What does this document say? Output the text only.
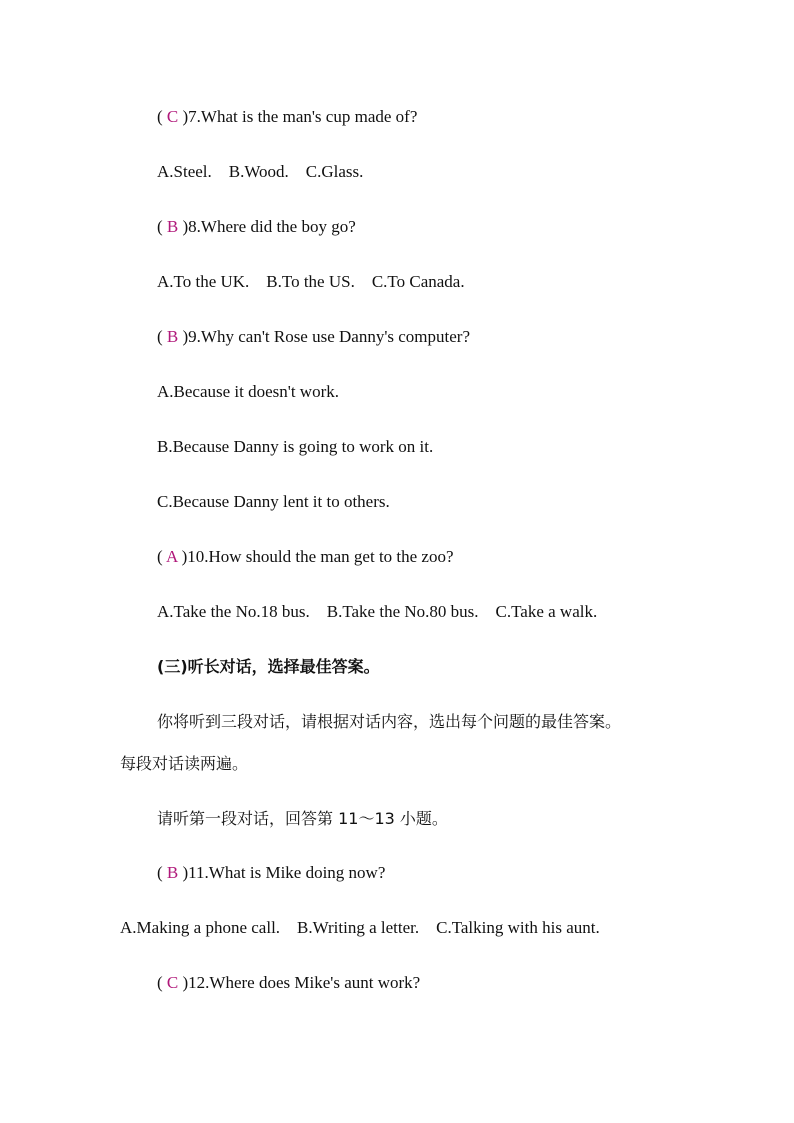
( C )7.What is the man's cup made of?
A.Steel.    B.Wood.    C.Glass.
( B )8.Where did the boy go?
A.To the UK.    B.To the US.    C.To Canada.
( B )9.Why can't Rose use Danny's computer?
A.Because it doesn't work.
B.Because Danny is going to work on it.
C.Because Danny lent it to others.
( A )10.How should the man get to the zoo?
A.Take the No.18 bus.    B.Take the No.80 bus.    C.Take a walk.
(三)听长对话，选择最佳答案。
你将听到三段对话，请根据对话内容，选出每个问题的最佳答案。
每段对话读两遍。
请听第一段对话，回答第 11～13 小题。
( B )11.What is Mike doing now?
A.Making a phone call.    B.Writing a letter.    C.Talking with his aunt.
( C )12.Where does Mike's aunt work?
